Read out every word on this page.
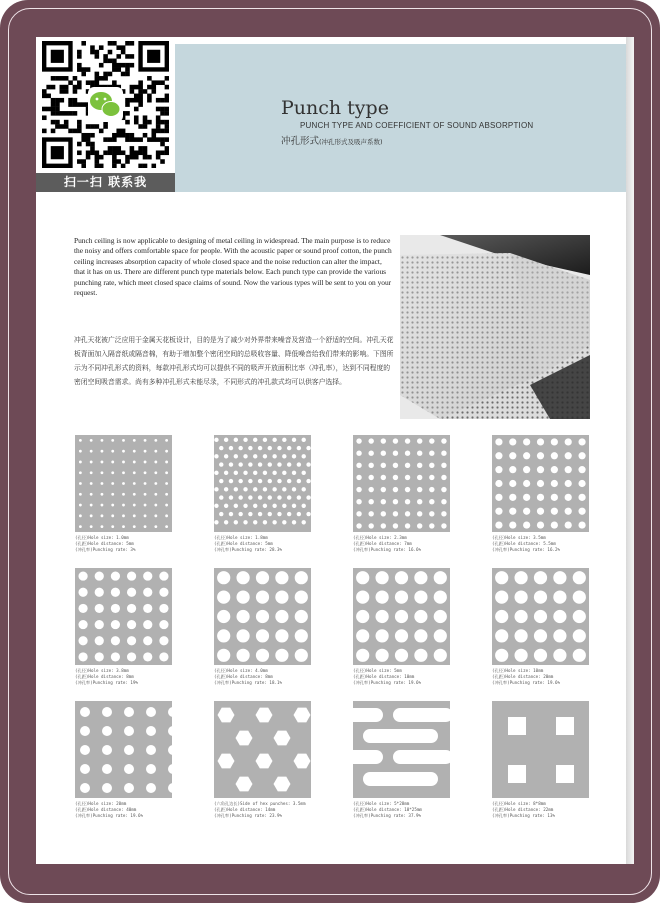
扫一扫 联系我
Punch type
PUNCH TYPE AND COEFFICIENT OF SOUND ABSORPTION
冲孔形式(冲孔形式及吸声系数)

Punch ceiling is now applicable to designing of metal ceiling in widespread. The main purpose is to reduce the noisy and offers comfortable space for people. With the acoustic paper or sound proof cotton, the punch ceiling increases absorption capacity of whole closed space and the noise reduction can alter the impact, that it has on us. There are different punch type materials below. Each punch type can provide the various punching rate, which meet closed space claims of sound. Now the various types will be sent to you on your request.

冲孔天花被广泛应用于金属天花板设计，目的是为了减少对外界带来噪音及营造一个舒适的空间。冲孔天花板背面加入隔音纸或隔音棉，有助于增加整个密闭空间的总吸收容量、降低噪音给我们带来的影响。下图所示为不同冲孔形式的资料，每款冲孔形式均可以提供不同的吸声开放面积比率（冲孔率），达到不同程度的密闭空间吸音需求。尚有多种冲孔形式未能尽录，不同形式的冲孔款式均可以供客户选择。

(孔径)Hole size: 1.0mm
(孔距)Hole distance: 5mm
(冲孔率)Punching rate: 3%
(孔径)Hole size: 1.8mm
(孔距)Hole distance: 5mm
(冲孔率)Punching rate: 28.3%
(孔径)Hole size: 2.3mm
(孔距)Hole distance: 7mm
(冲孔率)Punching rate: 16.6%
(孔径)Hole size: 3.5mm
(孔距)Hole distance: 5.5mm
(冲孔率)Punching rate: 16.2%
(孔径)Hole size: 3.8mm
(孔距)Hole distance: 8mm
(冲孔率)Punching rate: 19%
(孔径)Hole size: 4.0mm
(孔距)Hole distance: 8mm
(冲孔率)Punching rate: 18.1%
(孔径)Hole size: 5mm
(孔距)Hole distance: 10mm
(冲孔率)Punching rate: 19.6%
(孔径)Hole size: 10mm
(孔距)Hole distance: 20mm
(冲孔率)Punching rate: 19.6%
(孔径)Hole size: 20mm
(孔距)Hole distance: 40mm
(冲孔率)Punching rate: 19.6%
(六角孔边长)Side of hex punches: 3.5mm
(孔距)Hole distance: 14mm
(冲孔率)Punching rate: 23.9%
(孔径)Hole size: 5*28mm
(孔距)Hole distance: 10*25mm
(冲孔率)Punching rate: 37.9%
(孔径)Hole size: 8*8mm
(孔距)Hole distance: 22mm
(冲孔率)Punching rate: 13%
